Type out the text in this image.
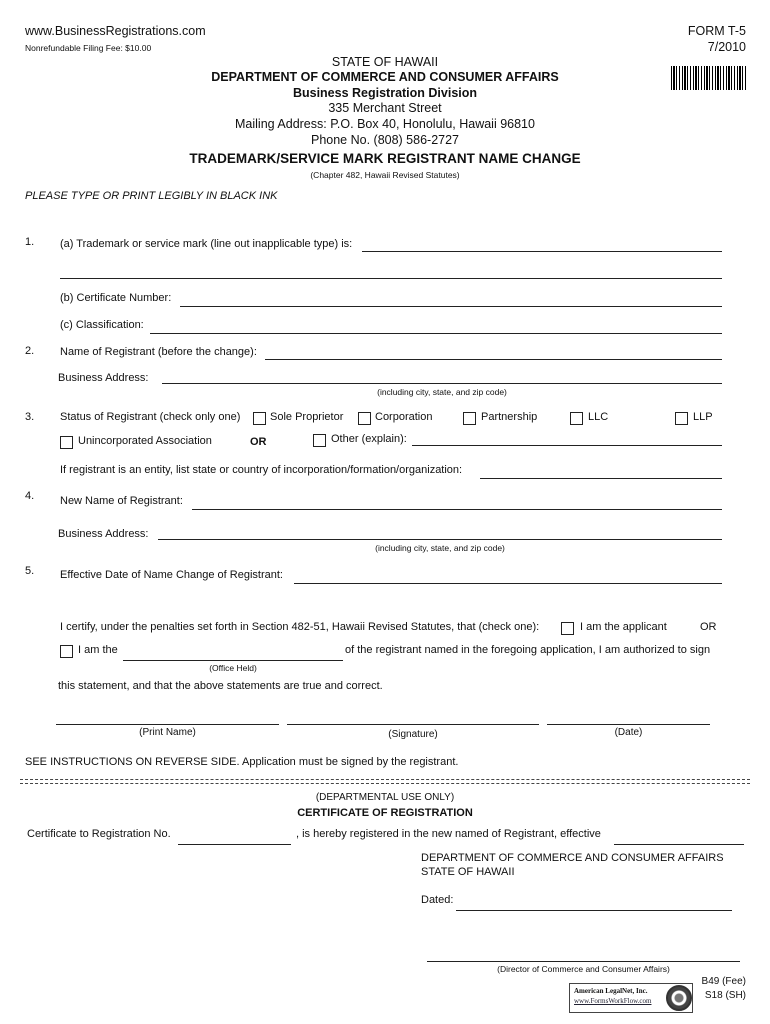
www.BusinessRegistrations.com
Nonrefundable Filing Fee: $10.00
FORM T-5
7/2010
STATE OF HAWAII
DEPARTMENT OF COMMERCE AND CONSUMER AFFAIRS
Business Registration Division
335 Merchant Street
Mailing Address: P.O. Box 40, Honolulu, Hawaii 96810
Phone No. (808) 586-2727
TRADEMARK/SERVICE MARK REGISTRANT NAME CHANGE
(Chapter 482, Hawaii Revised Statutes)
PLEASE TYPE OR PRINT LEGIBLY IN BLACK INK
1. (a) Trademark or service mark (line out inapplicable type) is:
(b) Certificate Number:
(c) Classification:
2. Name of Registrant (before the change):
Business Address:
(including city, state, and zip code)
3. Status of Registrant (check only one)	Sole Proprietor	Corporation	Partnership	LLC	LLP
Unincorporated Association	OR	Other (explain):
If registrant is an entity, list state or country of incorporation/formation/organization:
4. New Name of Registrant:
Business Address:
(including city, state, and zip code)
5. Effective Date of Name Change of Registrant:
I certify, under the penalties set forth in Section 482-51, Hawaii Revised Statutes, that (check one):	I am the applicant	OR
I am the
(Office Held)
of the registrant named in the foregoing application, I am authorized to sign
this statement, and that the above statements are true and correct.
(Print Name)	(Signature)	(Date)
SEE INSTRUCTIONS ON REVERSE SIDE. Application must be signed by the registrant.
(DEPARTMENTAL USE ONLY)
CERTIFICATE OF REGISTRATION
Certificate to Registration No.	, is hereby registered in the new named of Registrant, effective
DEPARTMENT OF COMMERCE AND CONSUMER AFFAIRS
STATE OF HAWAII
Dated:
(Director of Commerce and Consumer Affairs)
B49 (Fee)
S18 (SH)
American LegalNet, Inc.
www.FormsWorkFlow.com
